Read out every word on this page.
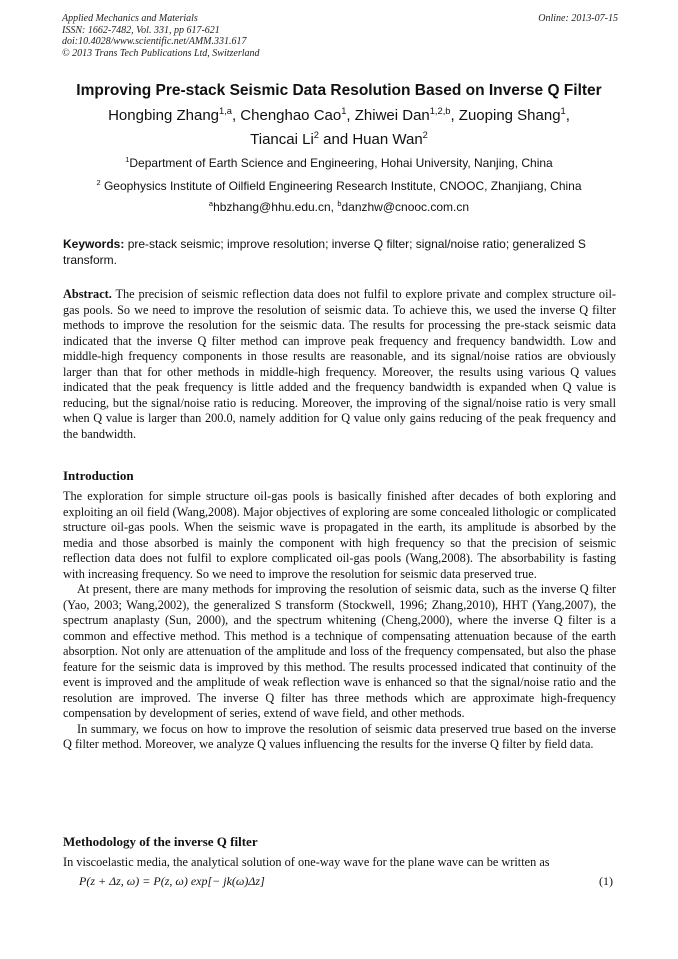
Applied Mechanics and Materials
ISSN: 1662-7482, Vol. 331, pp 617-621
doi:10.4028/www.scientific.net/AMM.331.617
© 2013 Trans Tech Publications Ltd, Switzerland
Online: 2013-07-15
Improving Pre-stack Seismic Data Resolution Based on Inverse Q Filter
Hongbing Zhang$^{1,a}$, Chenghao Cao$^1$, Zhiwei Dan$^{1,2,b}$, Zuoping Shang$^1$,
Tiancai Li$^2$ and Huan Wan$^2$
$^1$Department of Earth Science and Engineering, Hohai University, Nanjing, China
$^2$ Geophysics Institute of Oilfield Engineering Research Institute, CNOOC, Zhanjiang, China
$^a$hbzhang@hhu.edu.cn, $^b$danzhw@cnooc.com.cn
Keywords: pre-stack seismic; improve resolution; inverse Q filter; signal/noise ratio; generalized S transform.
Abstract. The precision of seismic reflection data does not fulfil to explore private and complex structure oil-gas pools. So we need to improve the resolution of seismic data. To achieve this, we used the inverse Q filter methods to improve the resolution for the seismic data. The results for processing the pre-stack seismic data indicated that the inverse Q filter method can improve peak frequency and frequency bandwidth. Low and middle-high frequency components in those results are reasonable, and its signal/noise ratios are obviously larger than that for other methods in middle-high frequency. Moreover, the results using various Q values indicated that the peak frequency is little added and the frequency bandwidth is expanded when Q value is reducing, but the signal/noise ratio is reducing. Moreover, the improving of the signal/noise ratio is very small when Q value is larger than 200.0, namely addition for Q value only gains reducing of the peak frequency and the bandwidth.
Introduction

The exploration for simple structure oil-gas pools is basically finished after decades of both exploring and exploiting an oil field (Wang,2008). Major objectives of exploring are some concealed lithologic or complicated structure oil-gas pools. When the seismic wave is propagated in the earth, its amplitude is absorbed by the media and those absorbed is mainly the component with high frequency so that the precision of seismic reflection data does not fulfil to explore complicated oil-gas pools (Wang,2008). The absorbability is fasting with increasing frequency. So we need to improve the resolution for seismic data preserved true.

At present, there are many methods for improving the resolution of seismic data, such as the inverse Q filter (Yao, 2003; Wang,2002), the generalized S transform (Stockwell, 1996; Zhang,2010), HHT (Yang,2007), the spectrum anaplasty (Sun, 2000), and the spectrum whitening (Cheng,2000), where the inverse Q filter is a common and effective method. This method is a technique of compensating attenuation because of the earth absorption. Not only are attenuation of the amplitude and loss of the frequency compensated, but also the phase feature for the seismic data is improved by this method. The results processed indicated that continuity of the event is improved and the amplitude of weak reflection wave is enhanced so that the signal/noise ratio and the resolution are improved. The inverse Q filter has three methods which are approximate high-frequency compensation by development of series, extend of wave field, and other methods.

In summary, we focus on how to improve the resolution of seismic data preserved true based on the inverse Q filter method. Moreover, we analyze Q values influencing the results for the inverse Q filter by field data.

Methodology of the inverse Q filter
In viscoelastic media, the analytical solution of one-way wave for the plane wave can be written as
P(z + Δz, ω) = P(z, ω) exp[− jk(ω)Δz]	(1)
